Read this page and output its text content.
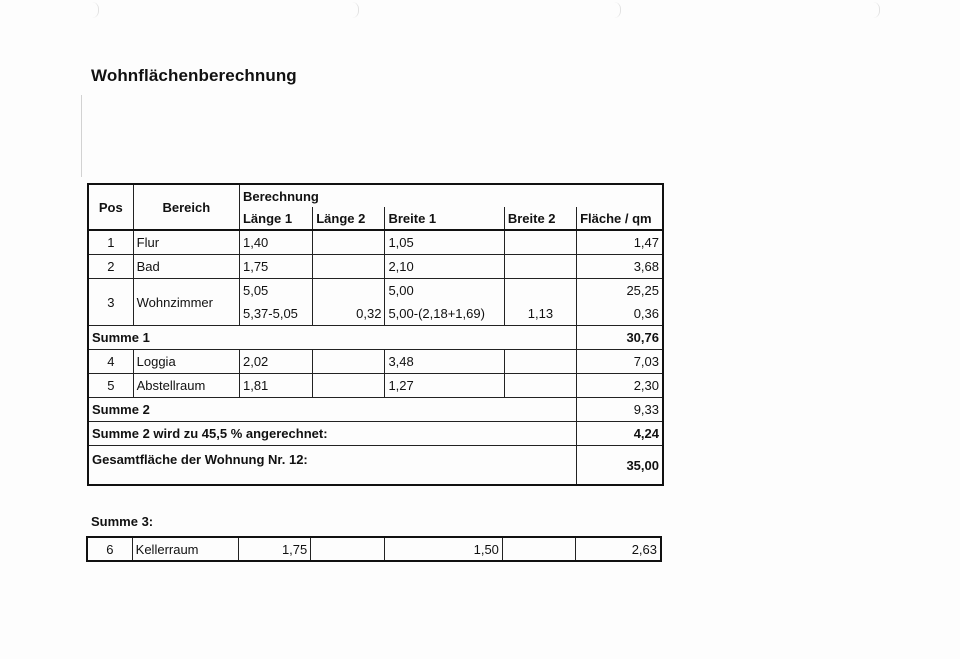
Wohnflächenberechnung
Pos	Bereich	Berechnung				
		Länge 1	Länge 2	Breite 1	Breite 2	Fläche / qm
1	Flur	1,40		1,05		1,47
2	Bad	1,75		2,10		3,68
3	Wohnzimmer	5,05		5,00		25,25
		5,37-5,05	0,32	5,00-(2,18+1,69)	1,13	0,36
Summe 1						30,76
4	Loggia	2,02		3,48		7,03
5	Abstellraum	1,81		1,27		2,30
Summe 2						9,33
Summe 2 wird zu 45,5 % angerechnet:						4,24
Gesamtfläche der Wohnung Nr. 12:						35,00
Summe 3:
6	Kellerraum	1,75		1,50		2,63
